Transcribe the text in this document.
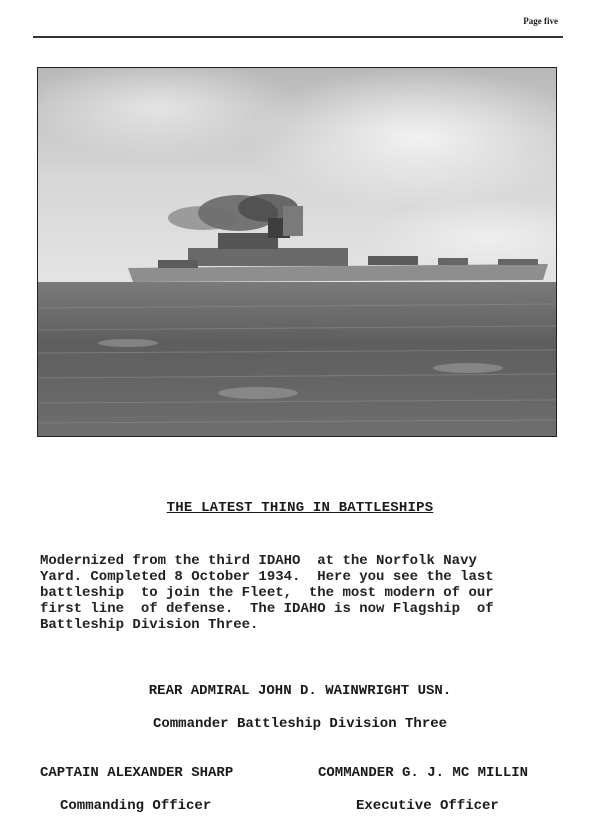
Page five
THE LATEST THING IN BATTLESHIPS
Modernized from the third IDAHO  at the Norfolk Navy
Yard. Completed 8 October 1934.  Here you see the last
battleship  to join the Fleet,  the most modern of our
first line  of defense.  The IDAHO is now Flagship  of
Battleship Division Three.
REAR ADMIRAL JOHN D. WAINWRIGHT USN.
Commander Battleship Division Three
CAPTAIN ALEXANDER SHARP
Commanding Officer
COMMANDER G. J. MC MILLIN
Executive Officer
